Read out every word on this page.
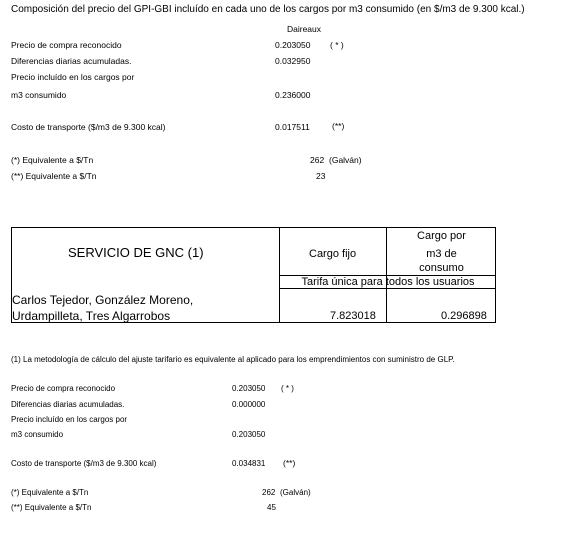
Composición del precio del GPI-GBI incluído en cada uno de los cargos por m3 consumido (en $/m3 de 9.300 kcal.)
Daireaux
Precio de compra reconocido	0.203050 ( * )
Diferencias diarias acumuladas.	0.032950
Precio incluído en los cargos por
m3 consumido	0.236000
Costo de transporte ($/m3 de 9.300 kcal)	0.017511	(**)
(*) Equivalente a $/Tn	262 (Galván)
(**) Equivalente a $/Tn	23
SERVICIO DE GNC (1)	Cargo fijo
Cargo por
m3 de
consumo
Tarifa única para todos los usuarios
Carlos Tejedor, González Moreno,
Urdampilleta, Tres Algarrobos	7.823018	0.296898
(1) La metodología de cálculo del ajuste tarifario es equivalente al aplicado para los emprendimientos con suministro de GLP.
Precio de compra reconocido	0.203050 ( * )
Diferencias diarias acumuladas.	0.000000
Precio incluído en los cargos por
m3 consumido	0.203050
Costo de transporte ($/m3 de 9.300 kcal)	0.034831 (**)
(*) Equivalente a $/Tn	262 (Galván)
(**) Equivalente a $/Tn	45
